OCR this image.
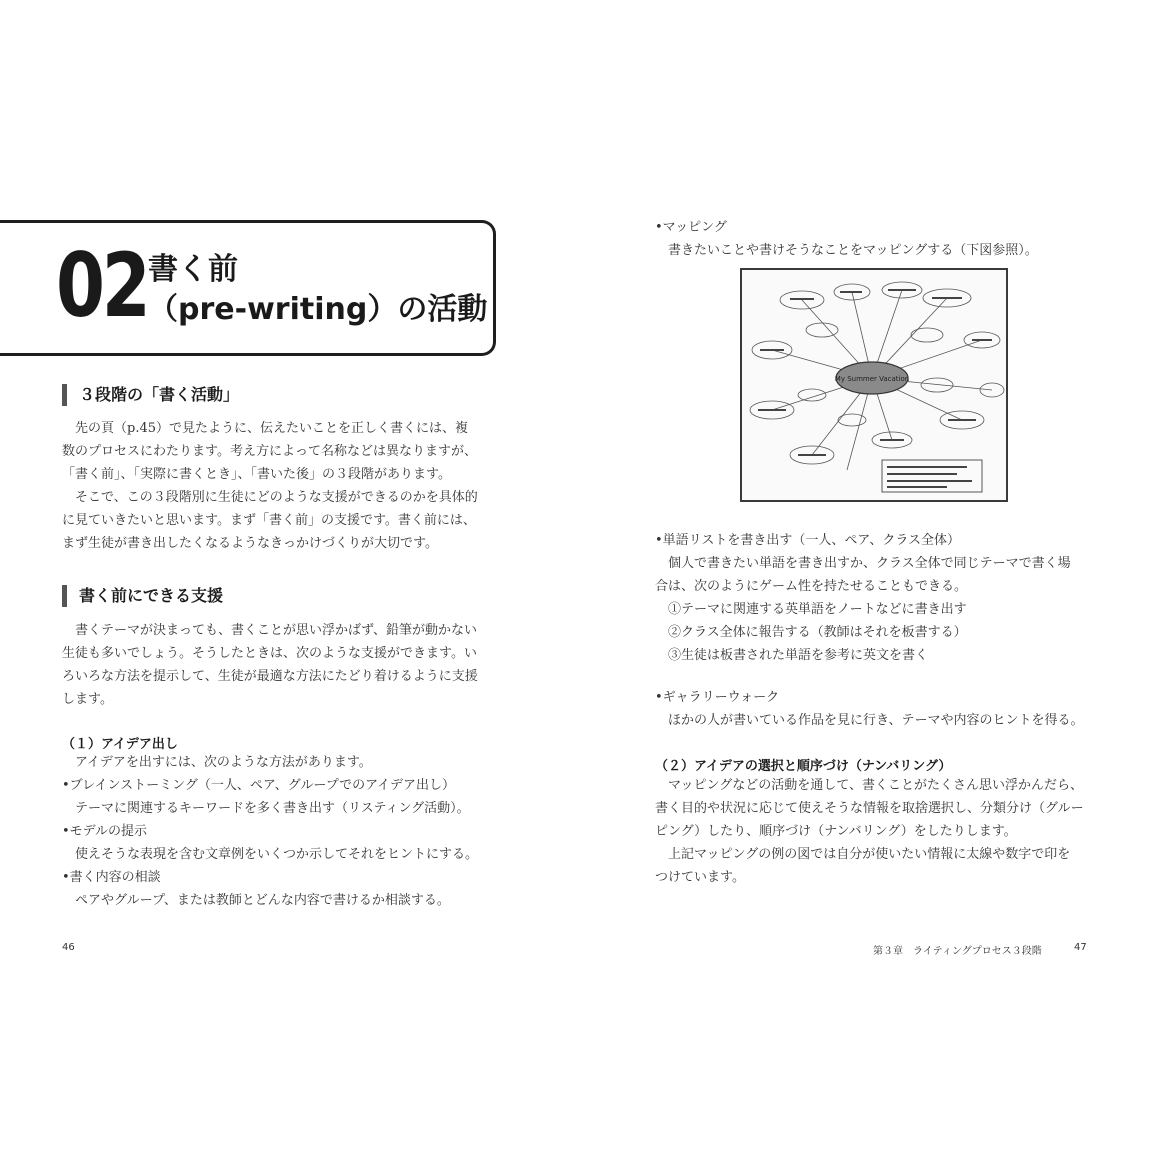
02 書く前
（pre-writing）の活動
３段階の「書く活動」
先の頁（p.45）で見たように、伝えたいことを正しく書くには、複
数のプロセスにわたります。考え方によって名称などは異なりますが、
「書く前」、「実際に書くとき」、「書いた後」の３段階があります。
そこで、この３段階別に生徒にどのような支援ができるのかを具体的
に見ていきたいと思います。まず「書く前」の支援です。書く前には、
まず生徒が書き出したくなるようなきっかけづくりが大切です。
書く前にできる支援
書くテーマが決まっても、書くことが思い浮かばず、鉛筆が動かない
生徒も多いでしょう。そうしたときは、次のような支援ができます。い
ろいろな方法を提示して、生徒が最適な方法にたどり着けるように支援
します。
（１）アイデア出し
アイデアを出すには、次のような方法があります。
•ブレインストーミング（一人、ペア、グループでのアイデア出し）
テーマに関連するキーワードを多く書き出す（リスティング活動）。
•モデルの提示
使えそうな表現を含む文章例をいくつか示してそれをヒントにする。
•書く内容の相談
ペアやグループ、または教師とどんな内容で書けるか相談する。
46
•マッピング
書きたいことや書けそうなことをマッピングする（下図参照）。
My Summer Vacation
•単語リストを書き出す（一人、ペア、クラス全体）
個人で書きたい単語を書き出すか、クラス全体で同じテーマで書く場
合は、次のようにゲーム性を持たせることもできる。
①テーマに関連する英単語をノートなどに書き出す
②クラス全体に報告する（教師はそれを板書する）
③生徒は板書された単語を参考に英文を書く
•ギャラリーウォーク
ほかの人が書いている作品を見に行き、テーマや内容のヒントを得る。
（２）アイデアの選択と順序づけ（ナンバリング）
マッピングなどの活動を通して、書くことがたくさん思い浮かんだら、
書く目的や状況に応じて使えそうな情報を取捨選択し、分類分け（グルー
ピング）したり、順序づけ（ナンバリング）をしたりします。
上記マッピングの例の図では自分が使いたい情報に太線や数字で印を
つけています。
第３章　ライティングプロセス３段階	47
